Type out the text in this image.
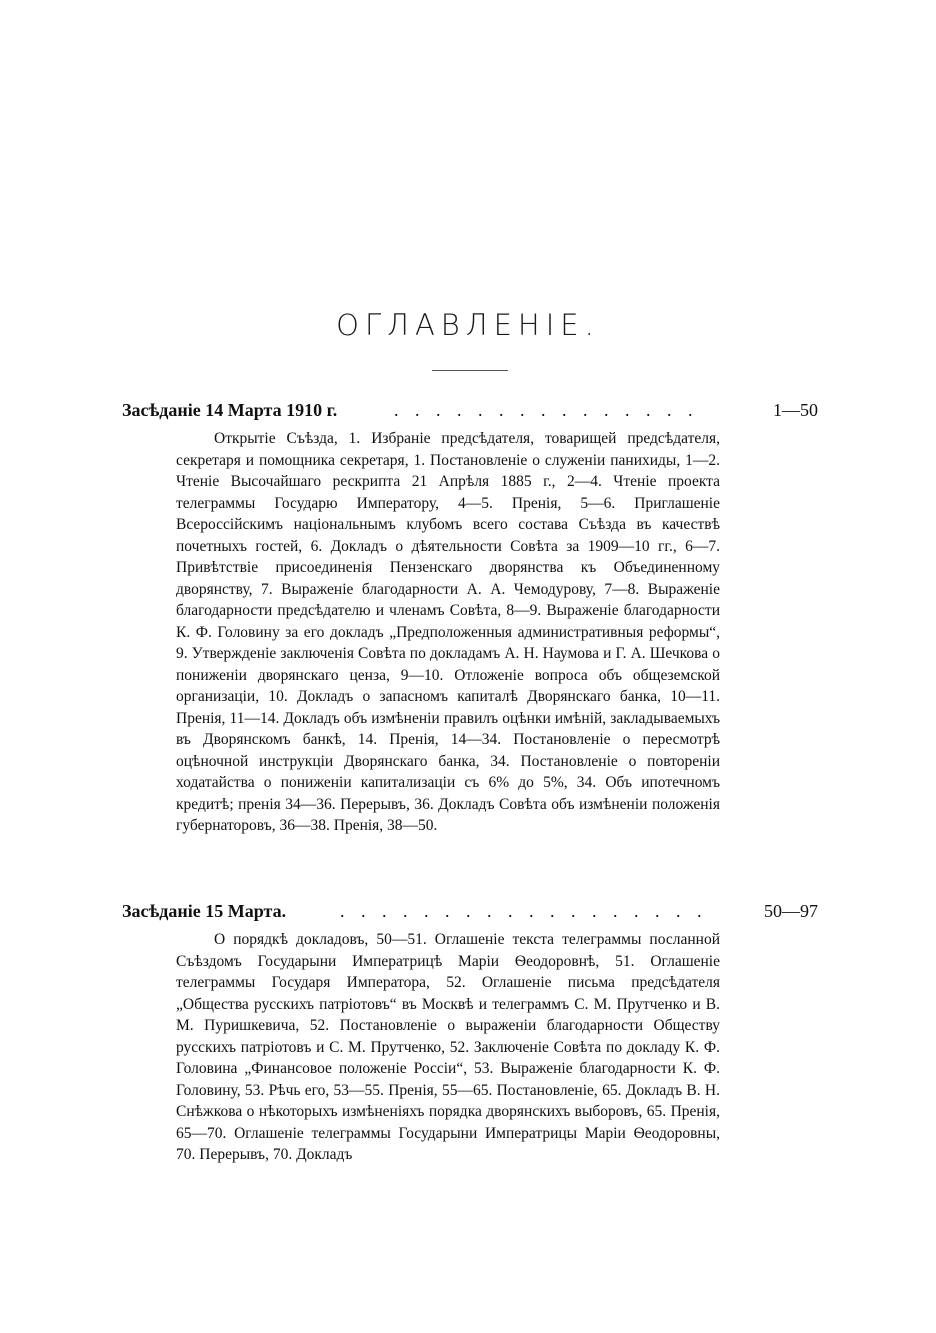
ОГЛАВЛЕНІЕ.
Засѣданіе 14 Марта 1910 г.	. . . . . . . . . . . . . . .	1—50
Открытіе Съѣзда, 1. Избраніе предсѣдателя, товарищей предсѣдателя, секретаря и помощника секретаря, 1. Постановленіе о служеніи панихиды, 1—2. Чтеніе Высочайшаго рескрипта 21 Апрѣля 1885 г., 2—4. Чтеніе проекта телеграммы Государю Императору, 4—5. Пренія, 5—6. Приглашеніе Всероссійскимъ національнымъ клубомъ всего состава Съѣзда въ качествѣ почетныхъ гостей, 6. Докладъ о дѣятельности Совѣта за 1909—10 гг., 6—7. Привѣтствіе присоединенія Пензенскаго дворянства къ Объединенному дворянству, 7. Выраженіе благодарности А. А. Чемодурову, 7—8. Выраженіе благодарности предсѣдателю и членамъ Совѣта, 8—9. Выраженіе благодарности К. Ф. Головину за его докладъ „Предположенныя административныя реформы“, 9. Утвержденіе заключенія Совѣта по докладамъ А. Н. Наумова и Г. А. Шечкова о пониженіи дворянскаго ценза, 9—10. Отложеніе вопроса объ общеземской организаціи, 10. Докладъ о запасномъ капиталѣ Дворянскаго банка, 10—11. Пренія, 11—14. Докладъ объ измѣненіи правилъ оцѣнки имѣній, закладываемыхъ въ Дворянскомъ банкѣ, 14. Пренія, 14—34. Постановленіе о пересмотрѣ оцѣночной инструкціи Дворянскаго банка, 34. Постановленіе о повтореніи ходатайства о пониженіи капитализаціи съ 6% до 5%, 34. Объ ипотечномъ кредитѣ; пренія 34—36. Перерывъ, 36. Докладъ Совѣта объ измѣненіи положенія губернаторовъ, 36—38. Пренія, 38—50.
Засѣданіе 15 Марта.	. . . . . . . . . . . . . . . . . .	50—97
О порядкѣ докладовъ, 50—51. Оглашеніе текста телеграммы посланной Съѣздомъ Государыни Императрицѣ Маріи Ѳеодоровнѣ, 51. Оглашеніе телеграммы Государя Императора, 52. Оглашеніе письма предсѣдателя „Общества русскихъ патріотовъ“ въ Москвѣ и телеграммъ С. М. Прутченко и В. М. Пуришкевича, 52. Постановленіе о выраженіи благодарности Обществу русскихъ патріотовъ и С. М. Прутченко, 52. Заключеніе Совѣта по докладу К. Ф. Головина „Финансовое положеніе Россіи“, 53. Выраженіе благодарности К. Ф. Головину, 53. Рѣчь его, 53—55. Пренія, 55—65. Постановленіе, 65. Докладъ В. Н. Снѣжкова о нѣкоторыхъ измѣненіяхъ порядка дворянскихъ выборовъ, 65. Пренія, 65—70. Оглашеніе телеграммы Государыни Императрицы Маріи Ѳеодоровны, 70. Перерывъ, 70. Докладъ
